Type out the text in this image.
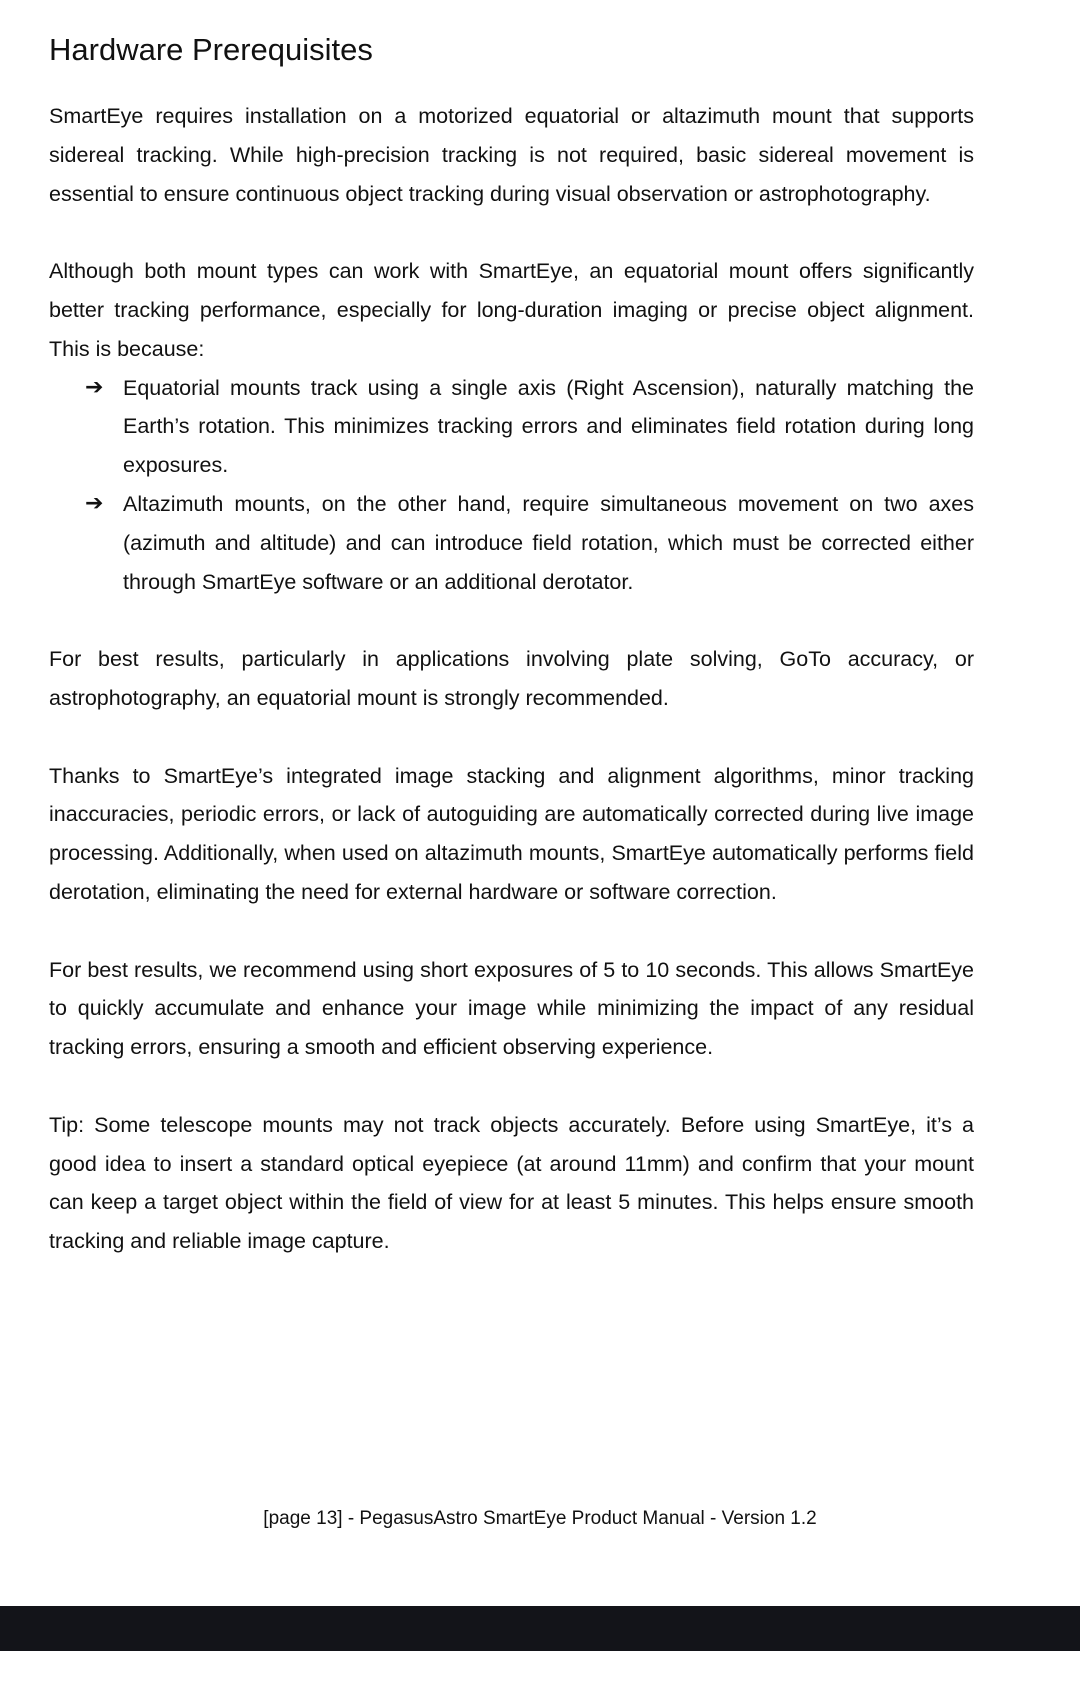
Hardware Prerequisites

SmartEye requires installation on a motorized equatorial or altazimuth mount that supports sidereal tracking. While high-precision tracking is not required, basic sidereal movement is essential to ensure continuous object tracking during visual observation or astrophotography.

Although both mount types can work with SmartEye, an equatorial mount offers significantly better tracking performance, especially for long-duration imaging or precise object alignment. This is because:

➔ Equatorial mounts track using a single axis (Right Ascension), naturally matching the Earth’s rotation. This minimizes tracking errors and eliminates field rotation during long exposures.
➔ Altazimuth mounts, on the other hand, require simultaneous movement on two axes (azimuth and altitude) and can introduce field rotation, which must be corrected either through SmartEye software or an additional derotator.

For best results, particularly in applications involving plate solving, GoTo accuracy, or astrophotography, an equatorial mount is strongly recommended.

Thanks to SmartEye’s integrated image stacking and alignment algorithms, minor tracking inaccuracies, periodic errors, or lack of autoguiding are automatically corrected during live image processing. Additionally, when used on altazimuth mounts, SmartEye automatically performs field derotation, eliminating the need for external hardware or software correction.

For best results, we recommend using short exposures of 5 to 10 seconds. This allows SmartEye to quickly accumulate and enhance your image while minimizing the impact of any residual tracking errors, ensuring a smooth and efficient observing experience.

Tip: Some telescope mounts may not track objects accurately. Before using SmartEye, it’s a good idea to insert a standard optical eyepiece (at around 11mm) and confirm that your mount can keep a target object within the field of view for at least 5 minutes. This helps ensure smooth tracking and reliable image capture.

[page 13] - PegasusAstro SmartEye Product Manual - Version 1.2
